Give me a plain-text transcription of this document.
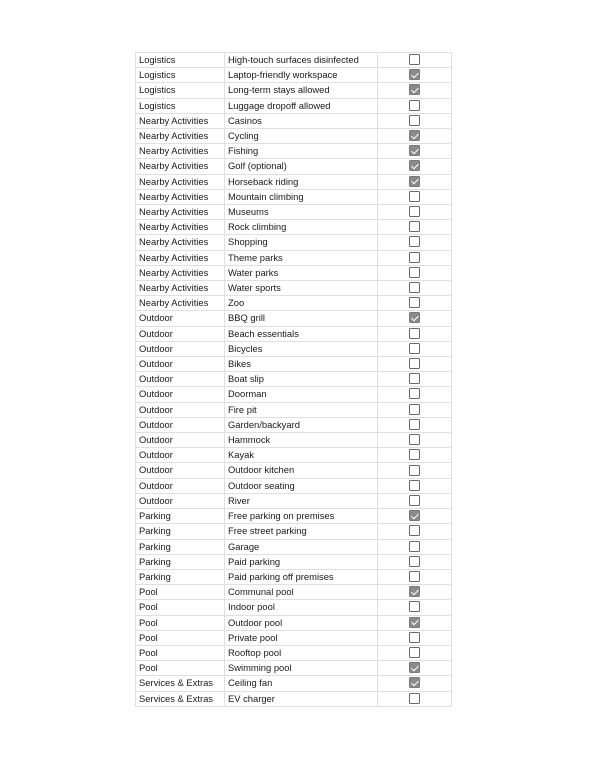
Logistics	High-touch surfaces disinfected	
Logistics	Laptop-friendly workspace	
Logistics	Long-term stays allowed	
Logistics	Luggage dropoff allowed	
Nearby Activities	Casinos	
Nearby Activities	Cycling	
Nearby Activities	Fishing	
Nearby Activities	Golf (optional)	
Nearby Activities	Horseback riding	
Nearby Activities	Mountain climbing	
Nearby Activities	Museums	
Nearby Activities	Rock climbing	
Nearby Activities	Shopping	
Nearby Activities	Theme parks	
Nearby Activities	Water parks	
Nearby Activities	Water sports	
Nearby Activities	Zoo	
Outdoor	BBQ grill	
Outdoor	Beach essentials	
Outdoor	Bicycles	
Outdoor	Bikes	
Outdoor	Boat slip	
Outdoor	Doorman	
Outdoor	Fire pit	
Outdoor	Garden/backyard	
Outdoor	Hammock	
Outdoor	Kayak	
Outdoor	Outdoor kitchen	
Outdoor	Outdoor seating	
Outdoor	River	
Parking	Free parking on premises	
Parking	Free street parking	
Parking	Garage	
Parking	Paid parking	
Parking	Paid parking off premises	
Pool	Communal pool	
Pool	Indoor pool	
Pool	Outdoor pool	
Pool	Private pool	
Pool	Rooftop pool	
Pool	Swimming pool	
Services & Extras	Ceiling fan	
Services & Extras	EV charger	
